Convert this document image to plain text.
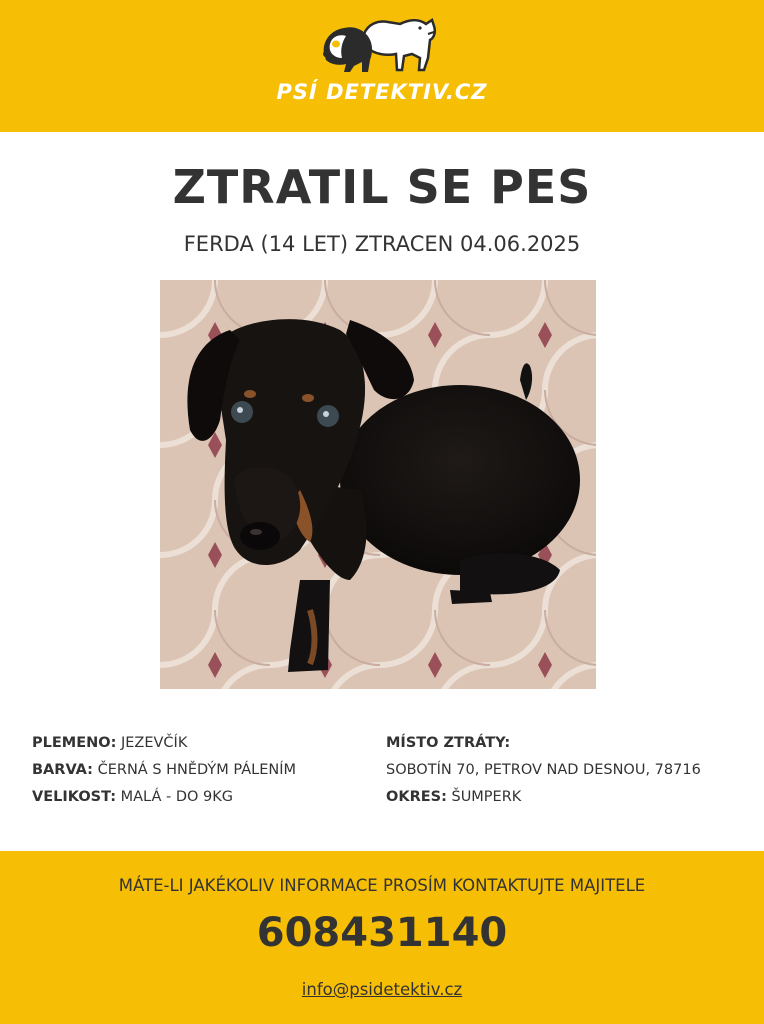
PSÍ DETEKTIV.CZ
ZTRATIL SE PES
FERDA (14 LET) ZTRACEN 04.06.2025
PLEMENO: JEZEVČÍK
BARVA: ČERNÁ S HNĚDÝM PÁLENÍM
VELIKOST: MALÁ - DO 9KG
MÍSTO ZTRÁTY:
SOBOTÍN 70, PETROV NAD DESNOU, 78716
OKRES: ŠUMPERK
MÁTE-LI JAKÉKOLIV INFORMACE PROSÍM KONTAKTUJTE MAJITELE
608431140
info@psidetektiv.cz
